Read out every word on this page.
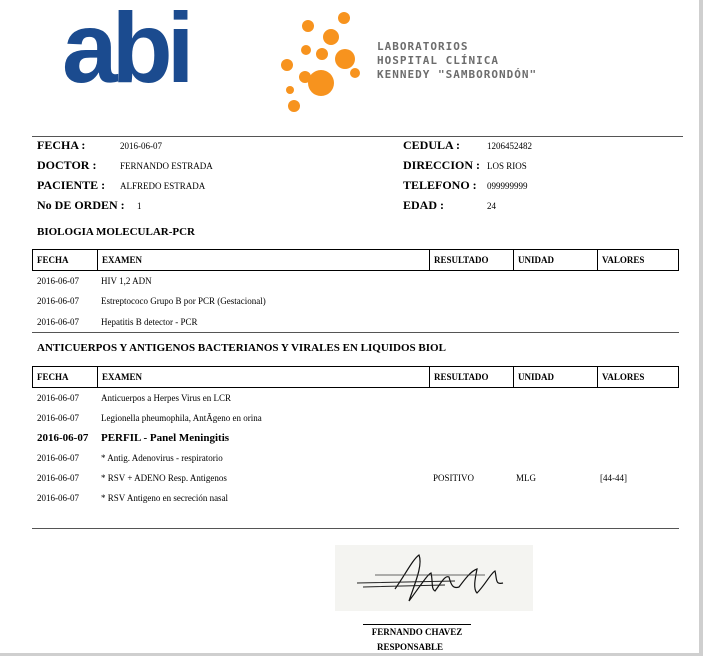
abi	LABORATORIOS
HOSPITAL CLÍNICA
KENNEDY "SAMBORONDÓN"
FECHA :	2016-06-07
DOCTOR :	FERNANDO ESTRADA
PACIENTE : ALFREDO ESTRADA
No DE ORDEN : 1
CEDULA :	1206452482
DIRECCION : LOS RIOS
TELEFONO : 099999999
EDAD :	24
BIOLOGIA MOLECULAR-PCR
FECHA	EXAMEN	RESULTADO	UNIDAD	VALORES
2016-06-07 HIV 1,2 ADN
2016-06-07 Estreptococo Grupo B por PCR (Gestacional)
2016-06-07 Hepatitis B detector - PCR
ANTICUERPOS Y ANTIGENOS BACTERIANOS Y VIRALES EN LIQUIDOS BIOL
FECHA	EXAMEN	RESULTADO	UNIDAD	VALORES
2016-06-07 Anticuerpos a Herpes Virus en LCR
2016-06-07 Legionella pheumophila, AntÃgeno en orina
2016-06-07 PERFIL - Panel Meningitis
2016-06-07 * Antig. Adenovirus - respiratorio
2016-06-07 * RSV + ADENO Resp. Antigenos	POSITIVO	MLG	[44-44]
2016-06-07 * RSV Antigeno en secreción nasal
FERNANDO CHAVEZ
RESPONSABLE
